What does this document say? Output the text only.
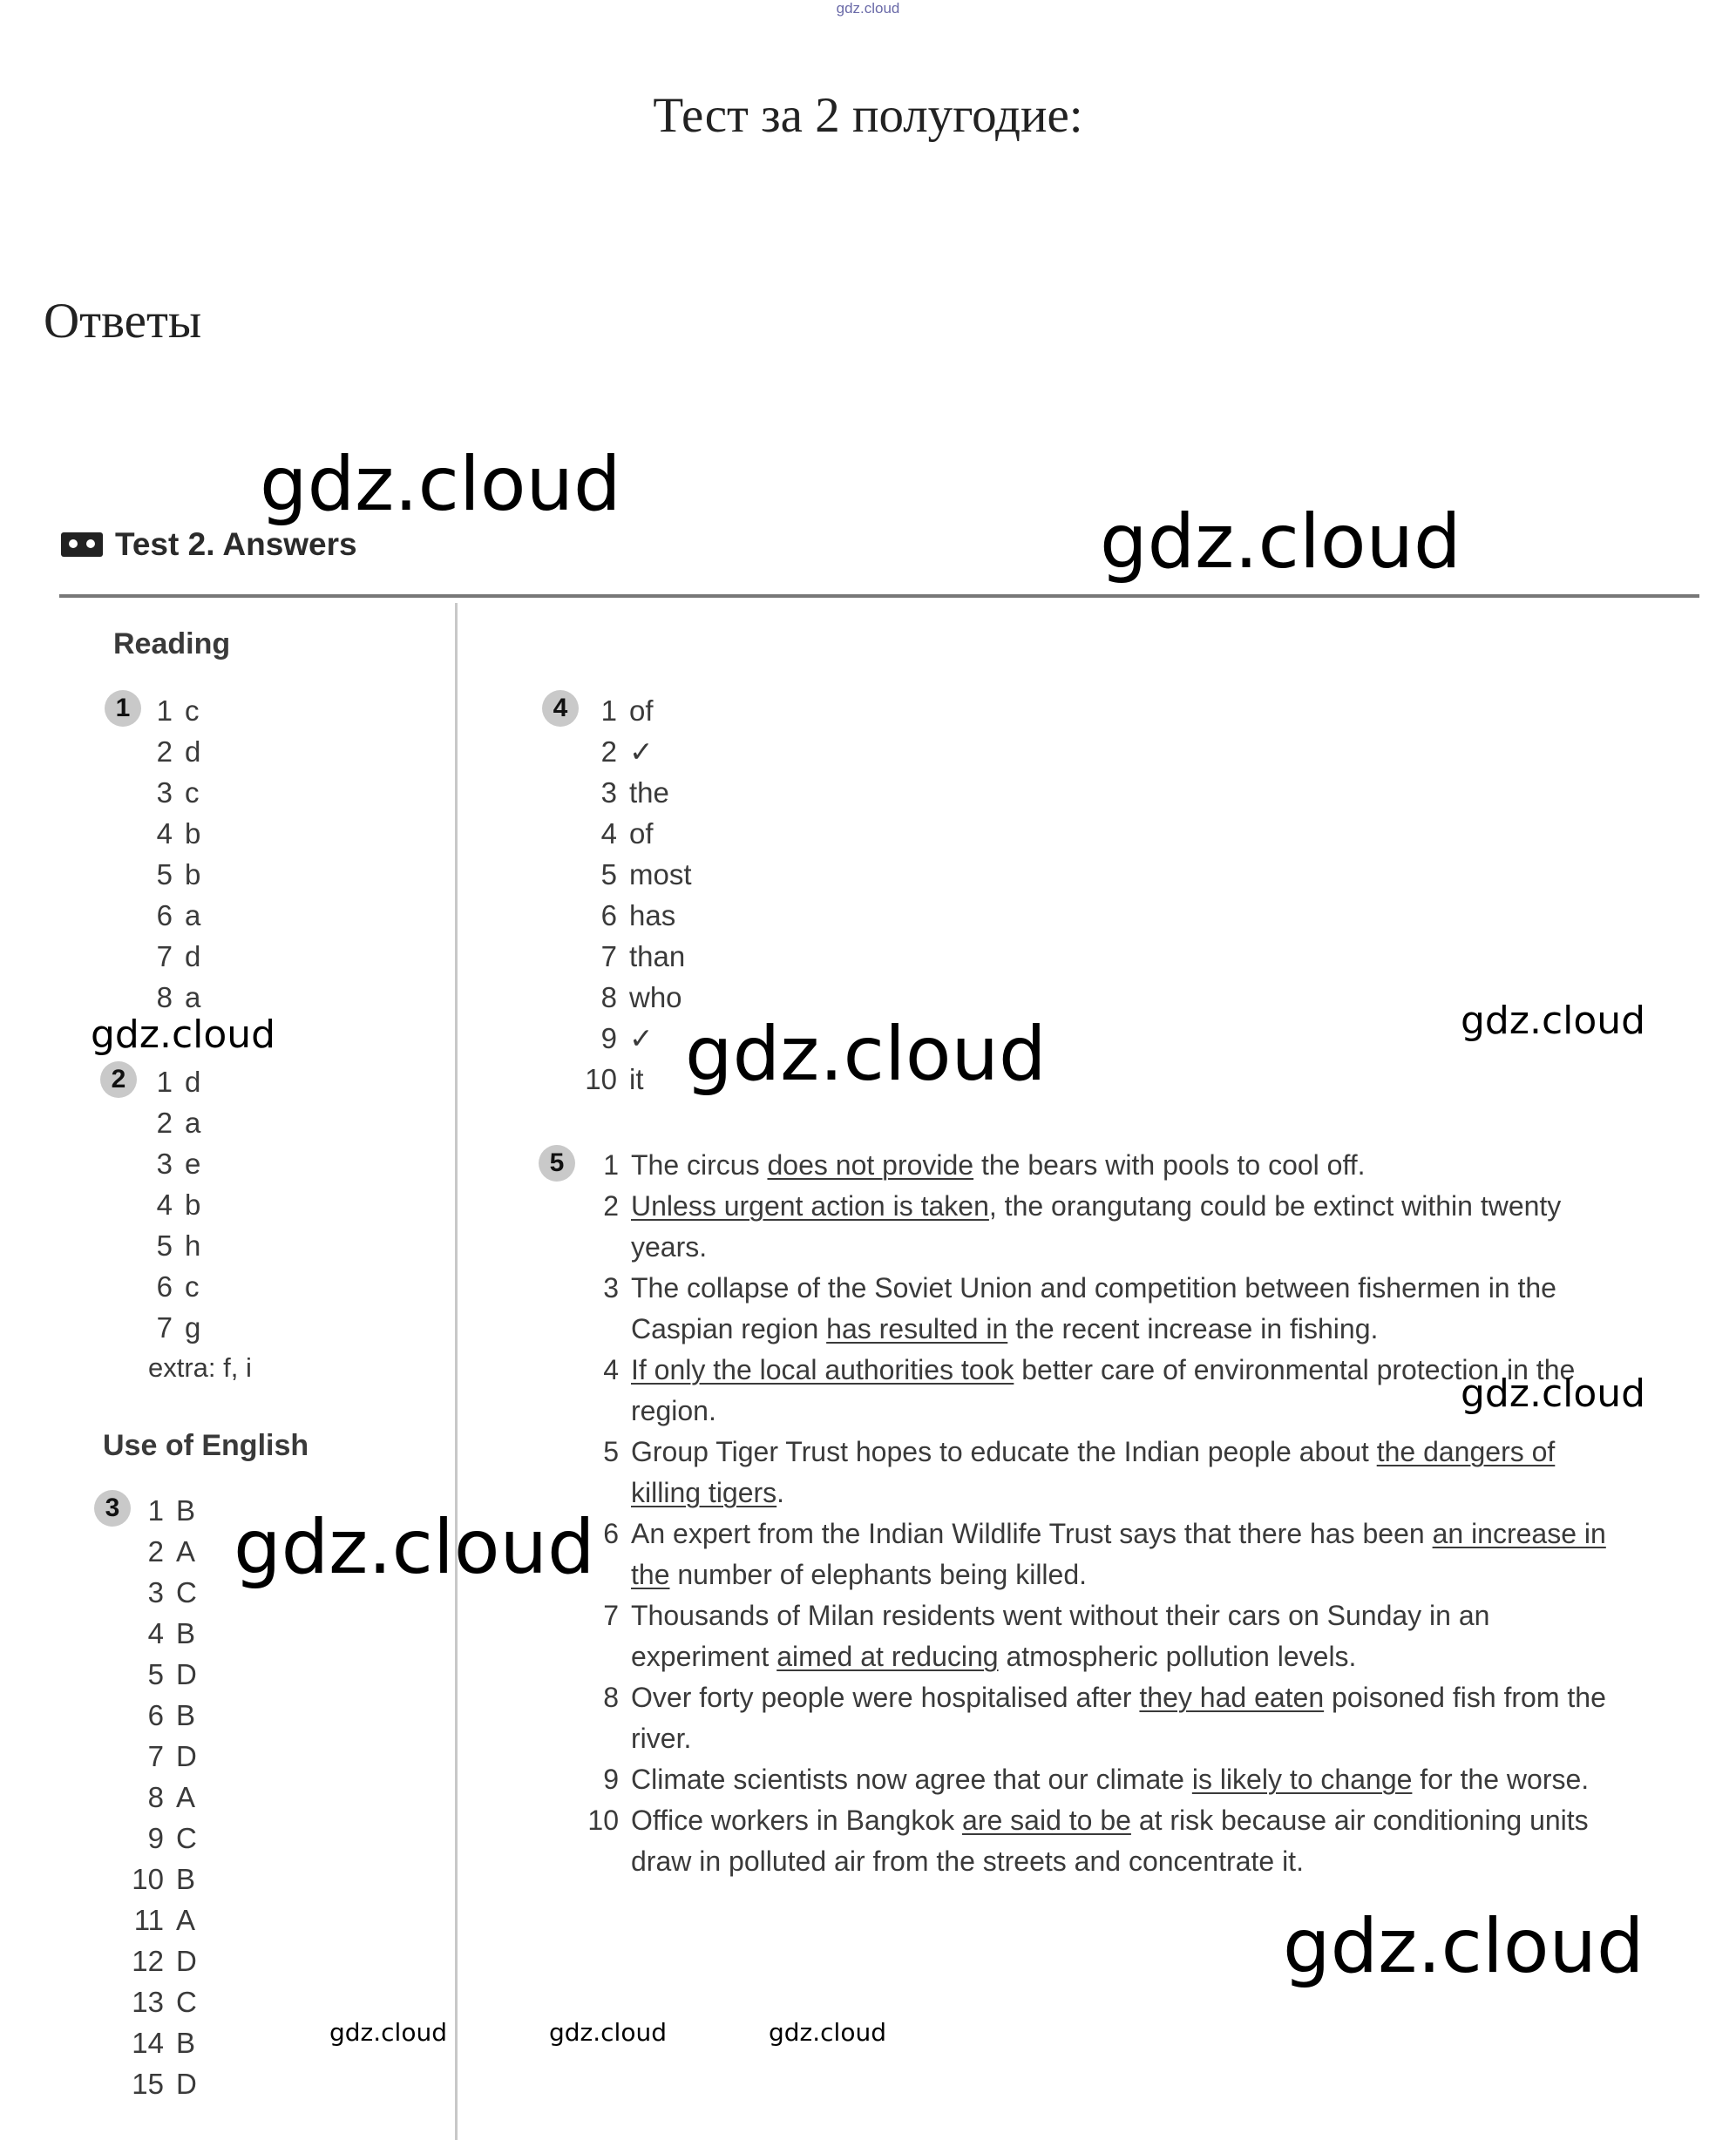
gdz.cloud
Тест за 2 полугодие:
Ответы
Test 2. Answers
Reading
1 1 c
2 d
3 c
4 b
5 b
6 a
7 d
8 a
2	1 d
2 a
3 e
4 b
5 h
6 c
7 g
extra: f, i
Use of English
3 1 B
2 A
3 C
4 B
5 D
6 B
7 D
8 A
9 C
10 B
11 A
12 D
13 C
14 B
15 D
4	1 of
2 ✓
3 the
4 of
5 most
6 has
7 than
8 who
9 ✓
10 it
5	1 The circus does not provide the bears with pools to cool off.
2 Unless urgent action is taken, the orangutang could be extinct within twenty years.
3 The collapse of the Soviet Union and competition between fishermen in the Caspian region has resulted in the recent increase in fishing.
4 If only the local authorities took better care of environmental protection in the region.
5 Group Tiger Trust hopes to educate the Indian people about the dangers of killing tigers.
6 An expert from the Indian Wildlife Trust says that there has been an increase in the number of elephants being killed.
7 Thousands of Milan residents went without their cars on Sunday in an experiment aimed at reducing atmospheric pollution levels.
8 Over forty people were hospitalised after they had eaten poisoned fish from the river.
9 Climate scientists now agree that our climate is likely to change for the worse.
10 Office workers in Bangkok are said to be at risk because air conditioning units draw in polluted air from the streets and concentrate it.
gdz.cloud
gdz.cloud
gdz.cloud	gdz.cloud	gdz.cloud
gdz.cloud
gdz.cloud
gdz.cloud
gdz.cloud	gdz.cloud	gdz.cloud
